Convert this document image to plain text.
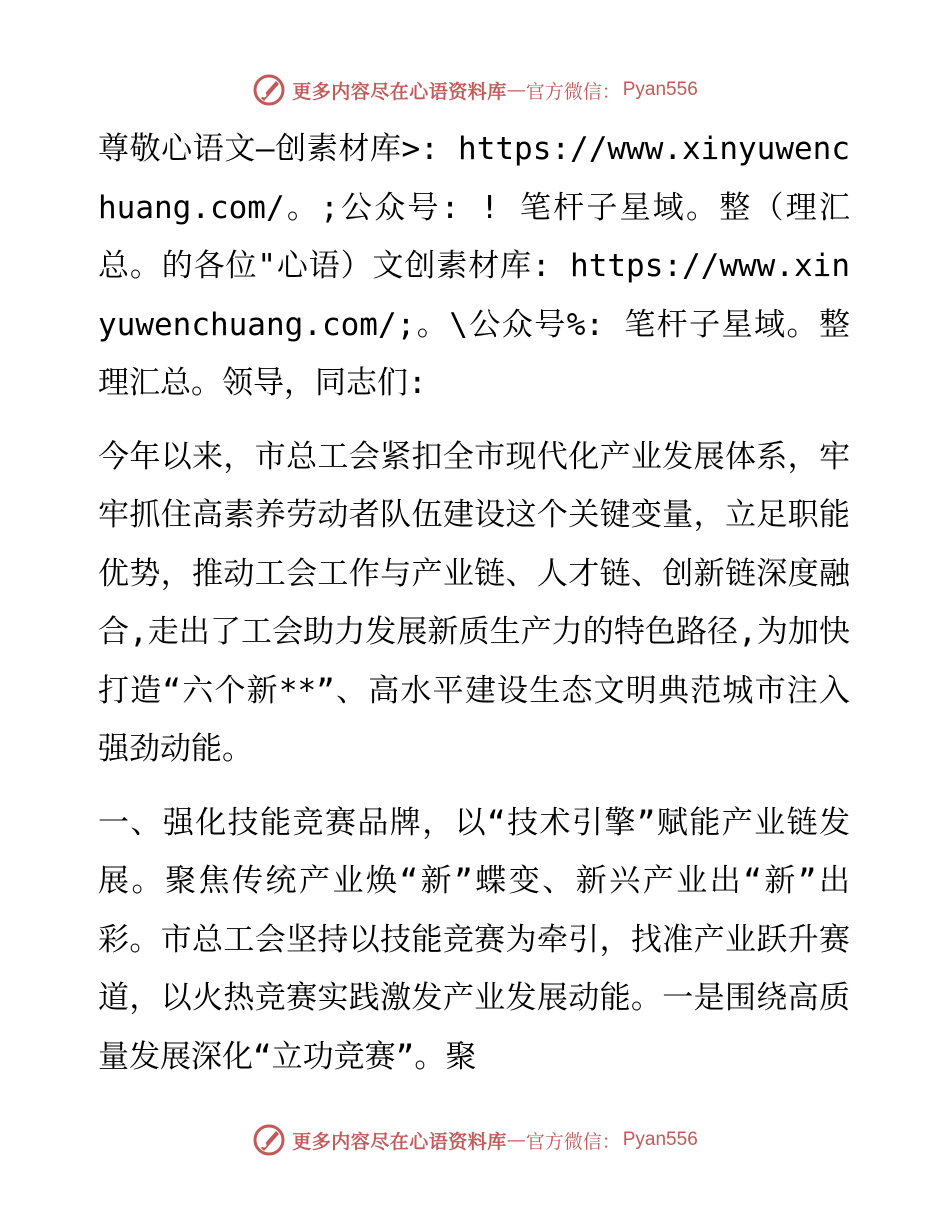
更多内容尽在心语资料库 — 官方微信： Pyan556

尊敬心语文—创素材库>: https://www.xinyuwenchuang.com/。;公众号: ! 笔杆子星域。整（理汇总。的各位"心语）文创素材库: https://www.xinyuwenchuang.com/;。\公众号%: 笔杆子星域。整理汇总。领导，同志们:

今年以来，市总工会紧扣全市现代化产业发展体系，牢牢抓住高素养劳动者队伍建设这个关键变量，立足职能优势，推动工会工作与产业链、人才链、创新链深度融合,走出了工会助力发展新质生产力的特色路径,为加快打造“六个新**”、高水平建设生态文明典范城市注入强劲动能。

一、强化技能竞赛品牌，以“技术引擎”赋能产业链发展。聚焦传统产业焕“新”蝶变、新兴产业出“新”出彩。市总工会坚持以技能竞赛为牵引，找准产业跃升赛道，以火热竞赛实践激发产业发展动能。一是围绕高质量发展深化“立功竞赛”。聚

更多内容尽在心语资料库 — 官方微信： Pyan556
